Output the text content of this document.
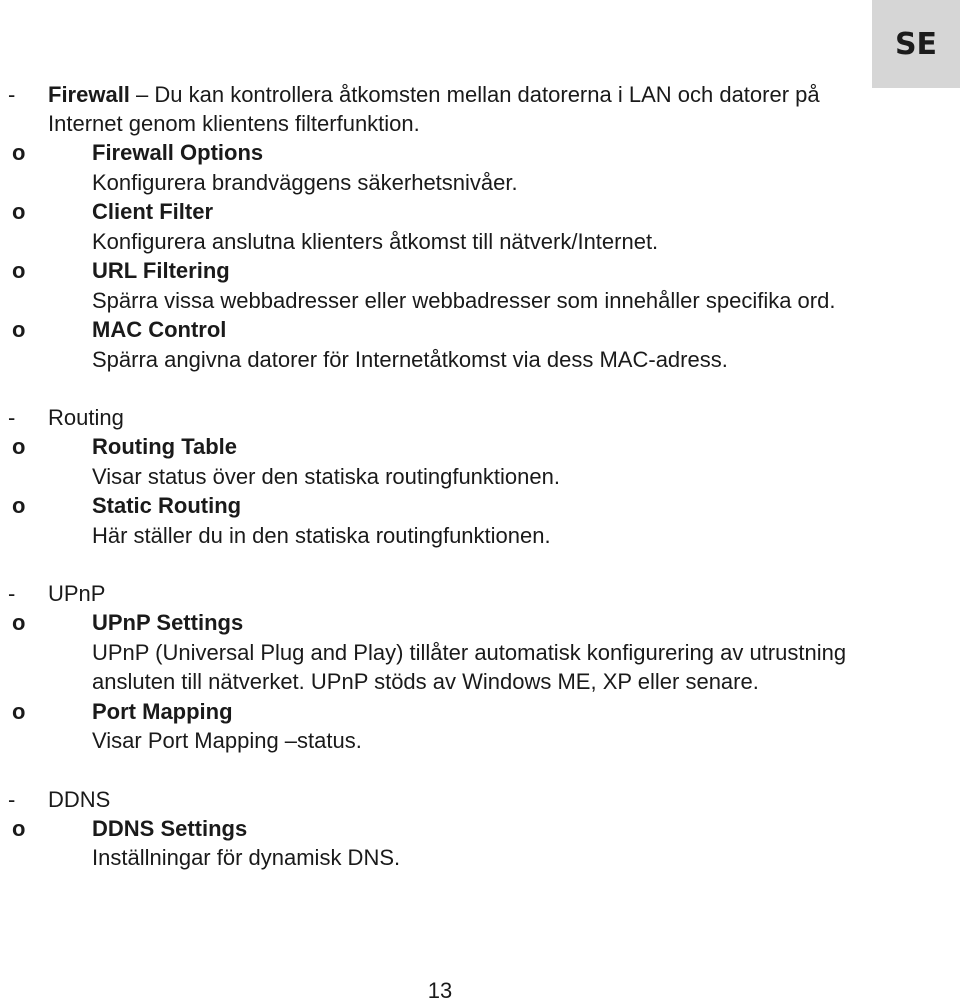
SE
- Firewall – Du kan kontrollera åtkomsten mellan datorerna i LAN och datorer på Internet genom klientens filterfunktion.
o	Firewall Options
Konfigurera brandväggens säkerhetsnivåer.
o	Client Filter
Konfigurera anslutna klienters åtkomst till nätverk/Internet.
o	URL Filtering
Spärra vissa webbadresser eller webbadresser som innehåller specifika ord.
o	MAC Control
Spärra angivna datorer för Internetåtkomst via dess MAC-adress.
- Routing
o	Routing Table
Visar status över den statiska routingfunktionen.
o	Static Routing
Här ställer du in den statiska routingfunktionen.
- UPnP
o	UPnP Settings
UPnP (Universal Plug and Play) tillåter automatisk konfigurering av utrustning ansluten till nätverket. UPnP stöds av Windows ME, XP eller senare.
o	Port Mapping
Visar Port Mapping –status.
- DDNS
o	DDNS Settings
Inställningar för dynamisk DNS.
13
